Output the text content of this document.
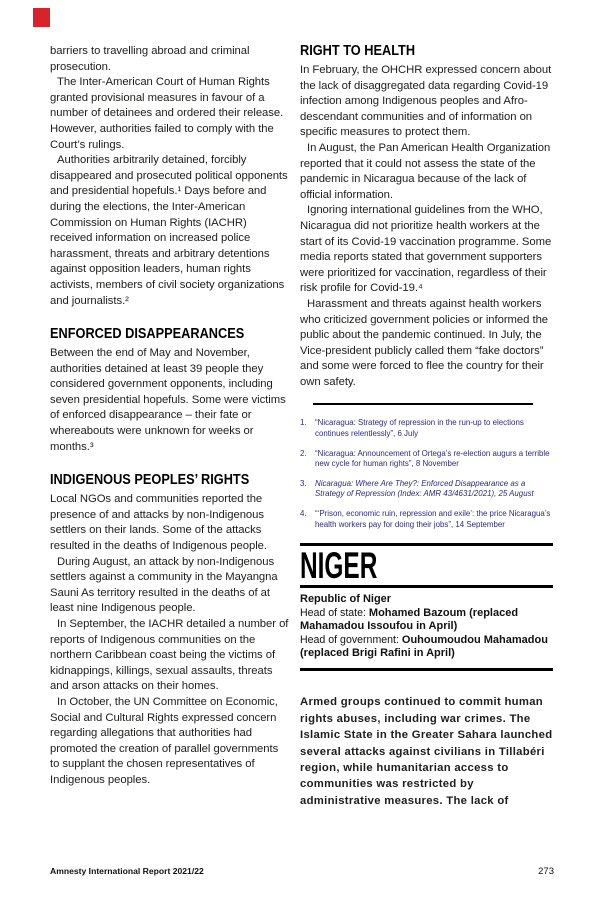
barriers to travelling abroad and criminal prosecution.

The Inter-American Court of Human Rights granted provisional measures in favour of a number of detainees and ordered their release. However, authorities failed to comply with the Court’s rulings.

Authorities arbitrarily detained, forcibly disappeared and prosecuted political opponents and presidential hopefuls.¹ Days before and during the elections, the Inter-American Commission on Human Rights (IACHR) received information on increased police harassment, threats and arbitrary detentions against opposition leaders, human rights activists, members of civil society organizations and journalists.²

ENFORCED DISAPPEARANCES

Between the end of May and November, authorities detained at least 39 people they considered government opponents, including seven presidential hopefuls. Some were victims of enforced disappearance – their fate or whereabouts were unknown for weeks or months.³

INDIGENOUS PEOPLES’ RIGHTS

Local NGOs and communities reported the presence of and attacks by non-Indigenous settlers on their lands. Some of the attacks resulted in the deaths of Indigenous people.

During August, an attack by non-Indigenous settlers against a community in the Mayangna Sauni As territory resulted in the deaths of at least nine Indigenous people.

In September, the IACHR detailed a number of reports of Indigenous communities on the northern Caribbean coast being the victims of kidnappings, killings, sexual assaults, threats and arson attacks on their homes.

In October, the UN Committee on Economic, Social and Cultural Rights expressed concern regarding allegations that authorities had promoted the creation of parallel governments to supplant the chosen representatives of Indigenous peoples.

RIGHT TO HEALTH

In February, the OHCHR expressed concern about the lack of disaggregated data regarding Covid-19 infection among Indigenous peoples and Afro-descendant communities and of information on specific measures to protect them.

In August, the Pan American Health Organization reported that it could not assess the state of the pandemic in Nicaragua because of the lack of official information.

Ignoring international guidelines from the WHO, Nicaragua did not prioritize health workers at the start of its Covid-19 vaccination programme. Some media reports stated that government supporters were prioritized for vaccination, regardless of their risk profile for Covid-19.⁴

Harassment and threats against health workers who criticized government policies or informed the public about the pandemic continued. In July, the Vice-president publicly called them “fake doctors” and some were forced to flee the country for their own safety.

1.	“Nicaragua: Strategy of repression in the run-up to elections continues relentlessly”, 6 July
2.	“Nicaragua: Announcement of Ortega’s re-election augurs a terrible new cycle for human rights”, 8 November
3.	Nicaragua: Where Are They?: Enforced Disappearance as a Strategy of Repression (Index: AMR 43/4631/2021), 25 August
4.	“‘Prison, economic ruin, repression and exile’: the price Nicaragua’s health workers pay for doing their jobs”, 14 September
NIGER
Republic of Niger
Head of state: Mohamed Bazoum (replaced Mahamadou Issoufou in April)
Head of government: Ouhoumoudou Mahamadou (replaced Brigi Rafini in April)

Armed groups continued to commit human rights abuses, including war crimes. The Islamic State in the Greater Sahara launched several attacks against civilians in Tillabéri region, while humanitarian access to communities was restricted by administrative measures. The lack of

Amnesty International Report 2021/22	273
